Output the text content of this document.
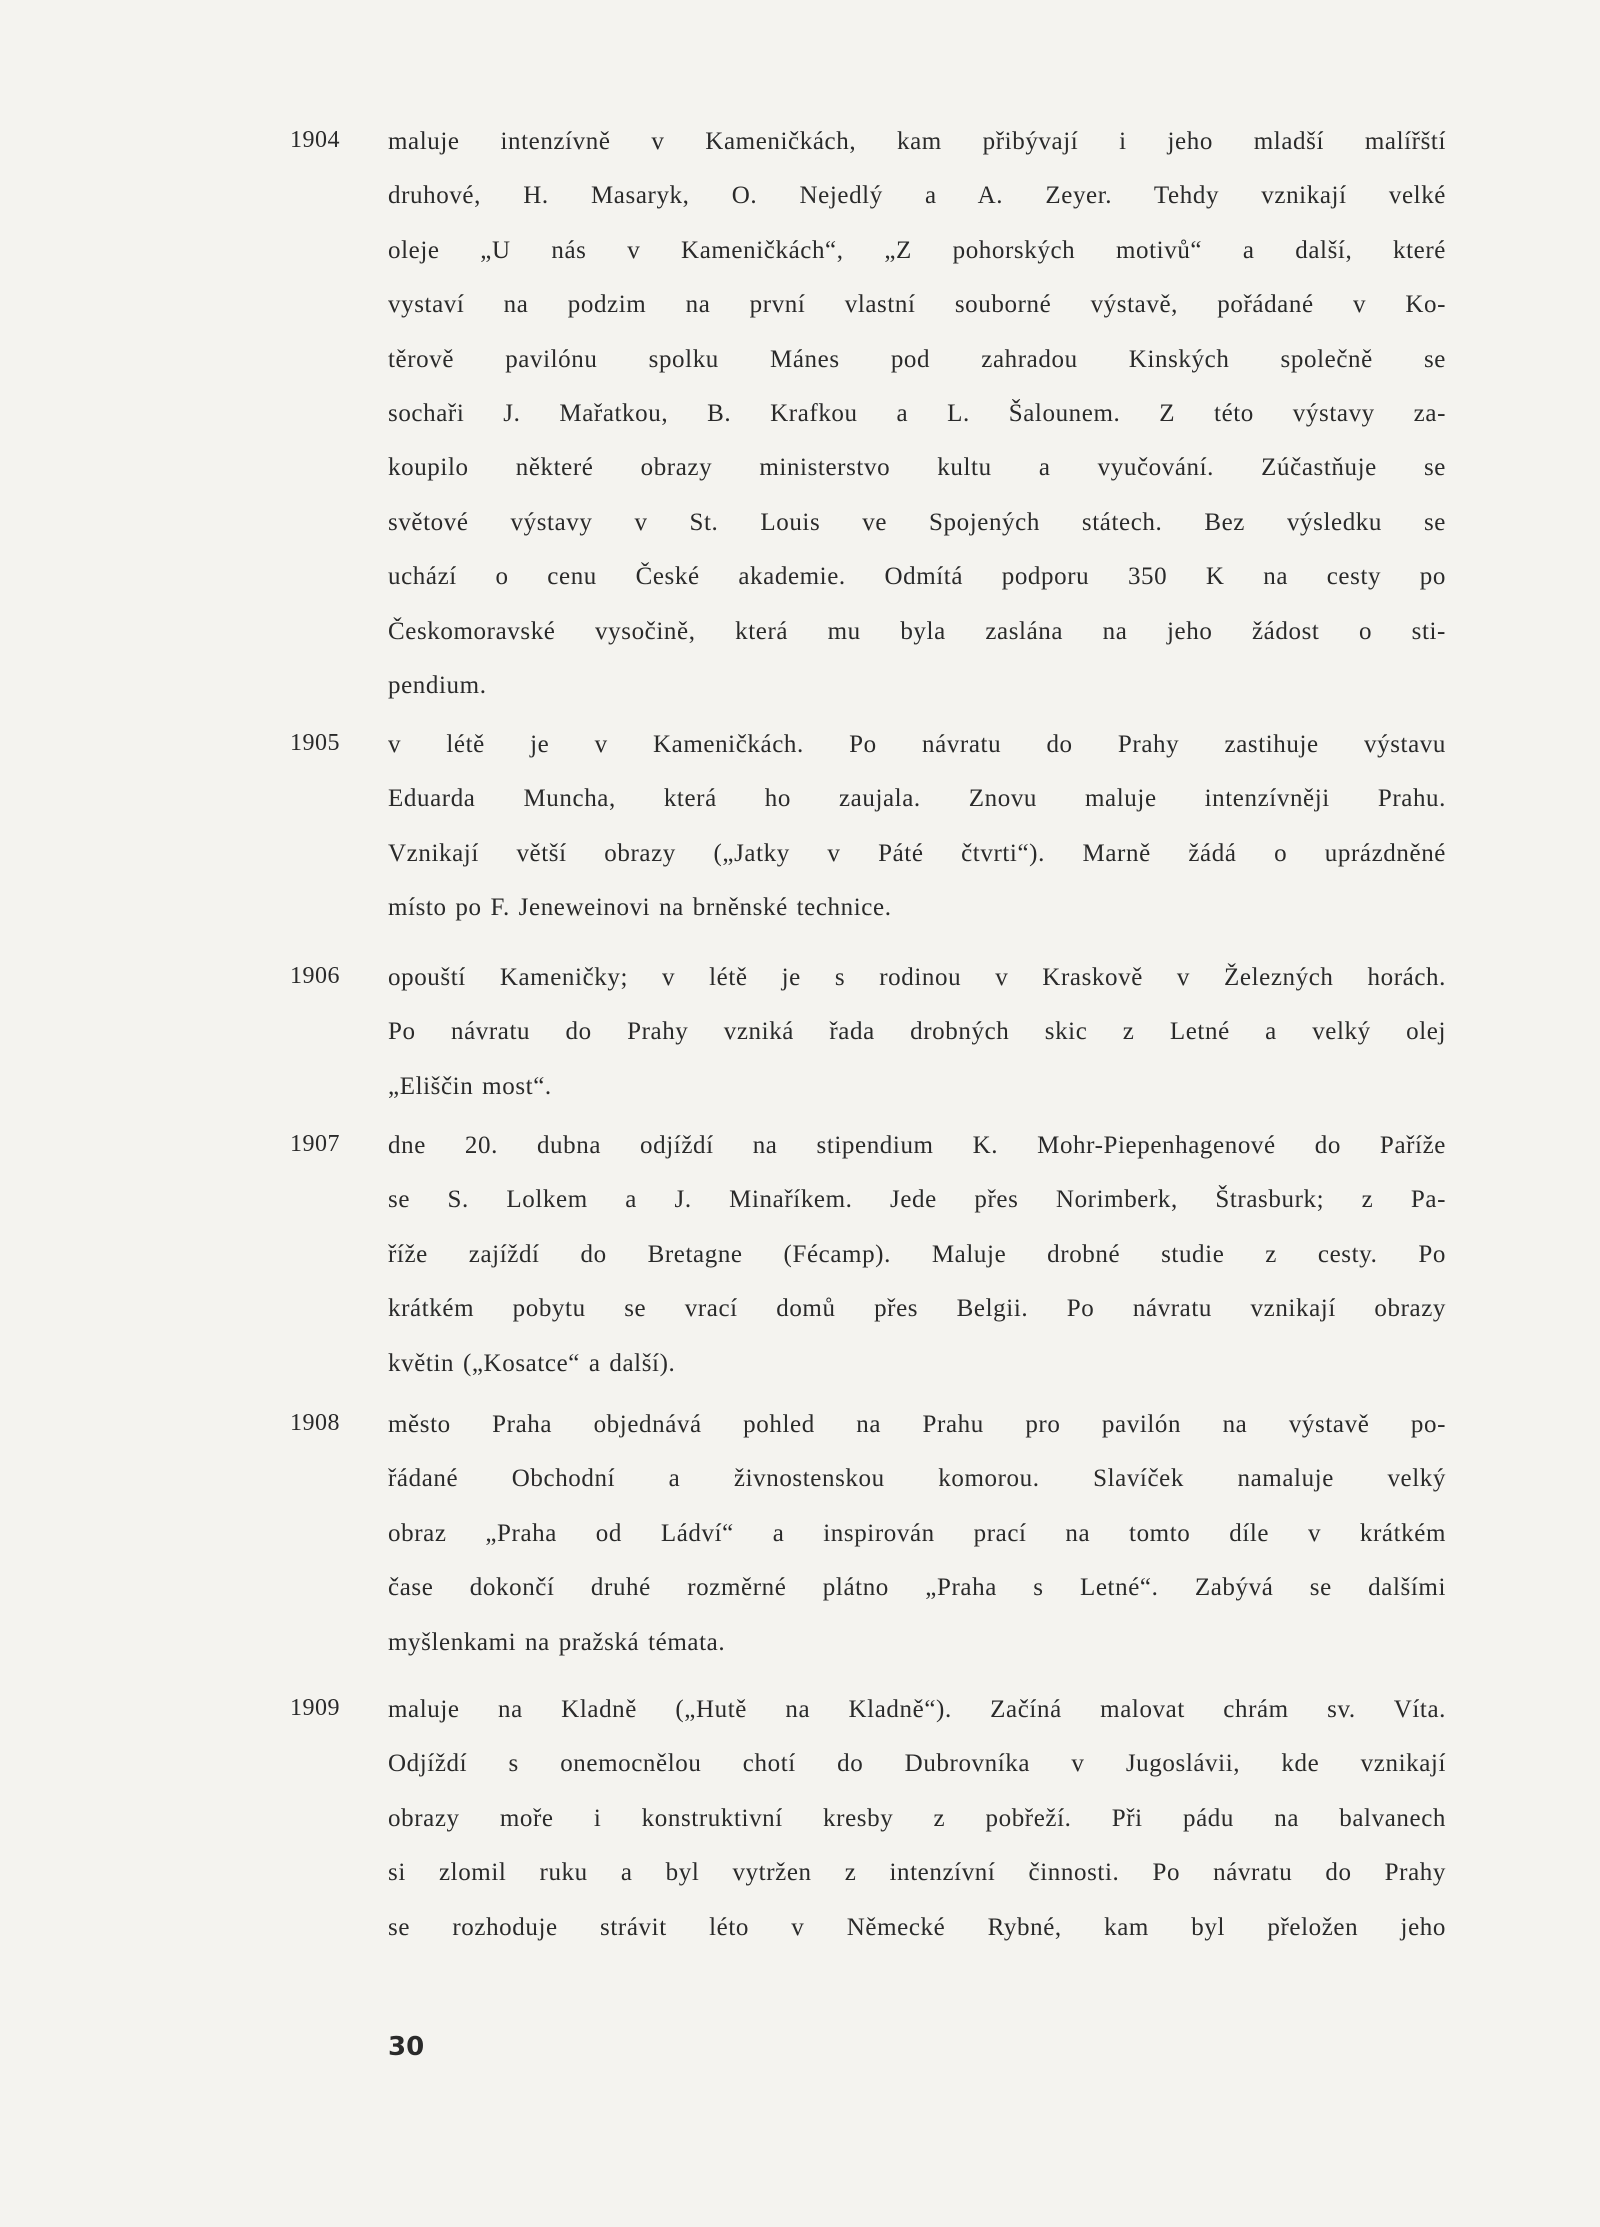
1904 maluje intenzívně v Kameničkách, kam přibývají i jeho mladší malířští
druhové, H. Masaryk, O. Nejedlý a A. Zeyer. Tehdy vznikají velké
oleje „U nás v Kameničkách“, „Z pohorských motivů“ a další, které
vystaví na podzim na první vlastní souborné výstavě, pořádané v Ko-
těrově pavilónu spolku Mánes pod zahradou Kinských společně se
sochaři J. Mařatkou, B. Krafkou a L. Šalounem. Z této výstavy za-
koupilo některé obrazy ministerstvo kultu a vyučování. Zúčastňuje se
světové výstavy v St. Louis ve Spojených státech. Bez výsledku se
uchází o cenu České akademie. Odmítá podporu 350 K na cesty po
Českomoravské vysočině, která mu byla zaslána na jeho žádost o sti-
pendium.
1905 v létě je v Kameničkách. Po návratu do Prahy zastihuje výstavu
Eduarda Muncha, která ho zaujala. Znovu maluje intenzívněji Prahu.
Vznikají větší obrazy („Jatky v Páté čtvrti“). Marně žádá o uprázdněné
místo po F. Jeneweinovi na brněnské technice.
1906 opouští Kameničky; v létě je s rodinou v Kraskově v Železných horách.
Po návratu do Prahy vzniká řada drobných skic z Letné a velký olej
„Eliščin most“.
1907 dne 20. dubna odjíždí na stipendium K. Mohr-Piepenhagenové do Paříže
se S. Lolkem a J. Minaříkem. Jede přes Norimberk, Štrasburk; z Pa-
říže zajíždí do Bretagne (Fécamp). Maluje drobné studie z cesty. Po
krátkém pobytu se vrací domů přes Belgii. Po návratu vznikají obrazy
květin („Kosatce“ a další).
1908 město Praha objednává pohled na Prahu pro pavilón na výstavě po-
řádané Obchodní a živnostenskou komorou. Slavíček namaluje velký
obraz „Praha od Ládví“ a inspirován prací na tomto díle v krátkém
čase dokončí druhé rozměrné plátno „Praha s Letné“. Zabývá se dalšími
myšlenkami na pražská témata.
1909 maluje na Kladně („Hutě na Kladně“). Začíná malovat chrám sv. Víta.
Odjíždí s onemocnělou chotí do Dubrovníka v Jugoslávii, kde vznikají
obrazy moře i konstruktivní kresby z pobřeží. Při pádu na balvanech
si zlomil ruku a byl vytržen z intenzívní činnosti. Po návratu do Prahy
se rozhoduje strávit léto v Německé Rybné, kam byl přeložen jeho
30
